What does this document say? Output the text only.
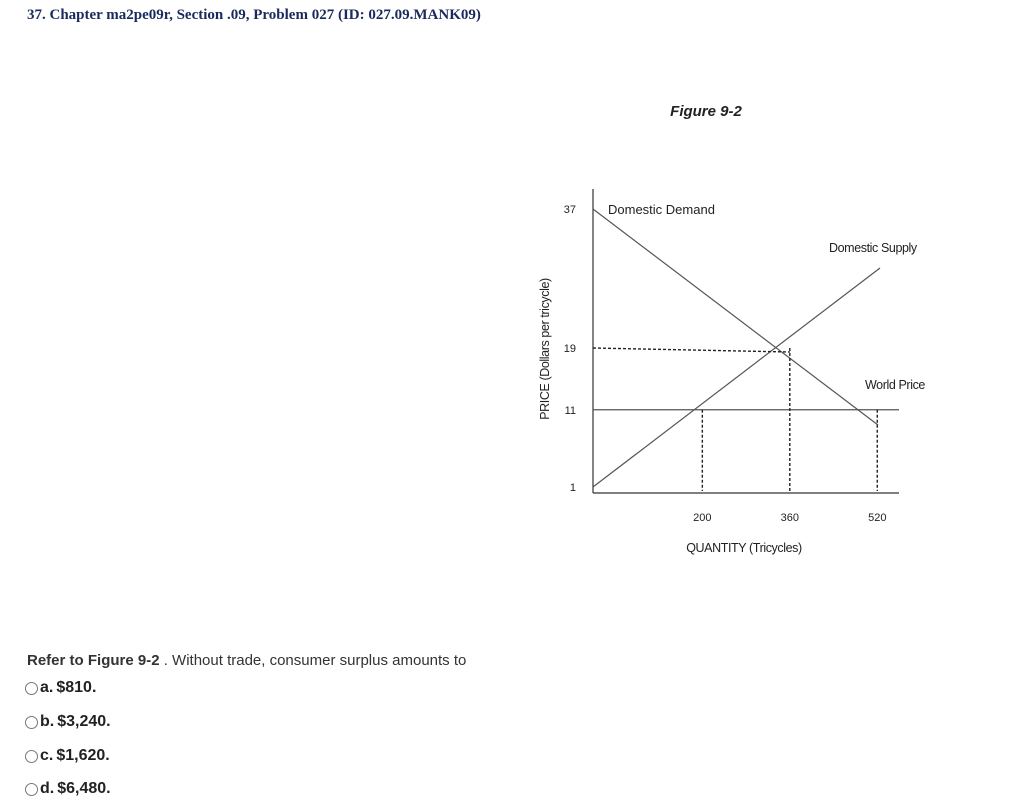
37. Chapter ma2pe09r, Section .09, Problem 027 (ID: 027.09.MANK09)
Figure 9-2
1
11
19
37
200	360	520
Domestic Demand
Domestic Supply
World Price
QUANTITY (Tricycles)
PRICE (Dollars per tricycle)

Refer to Figure 9-2 . Without trade, consumer surplus amounts to

a. $810.
b. $3,240.
c. $1,620.
d. $6,480.
